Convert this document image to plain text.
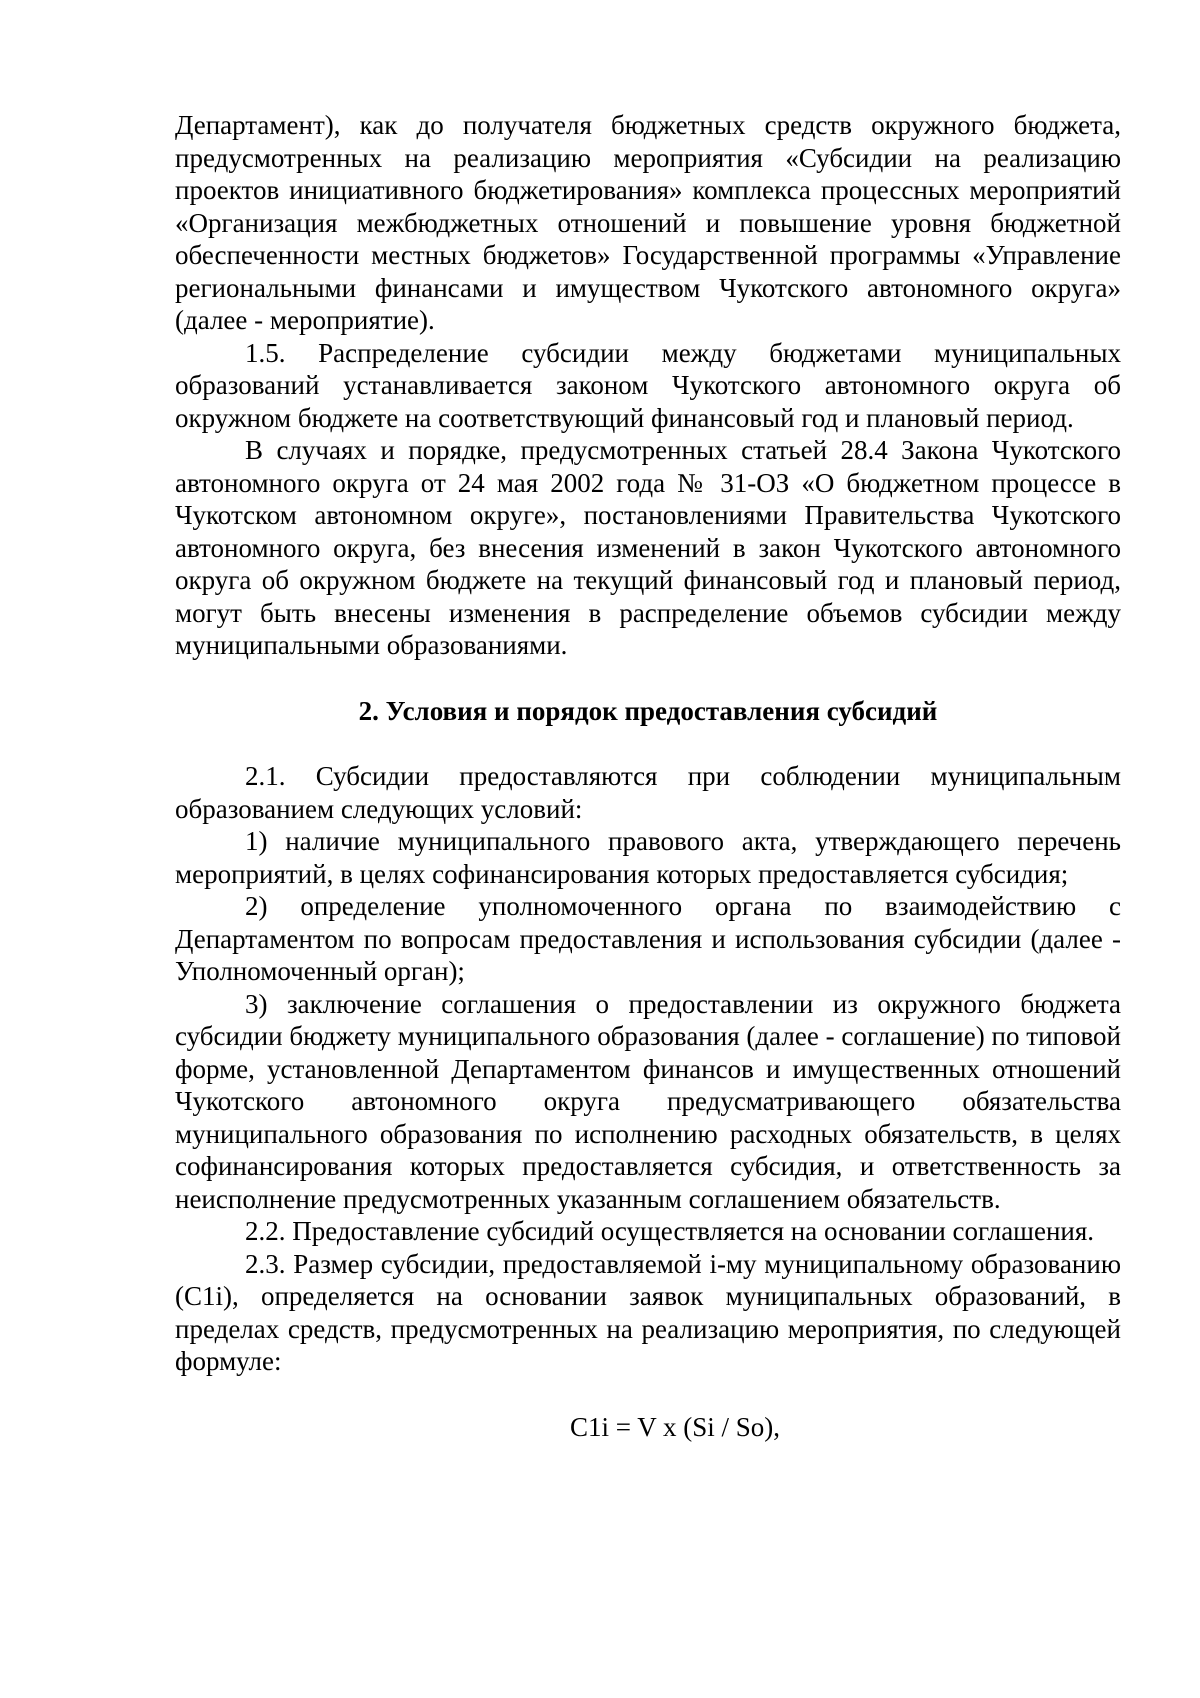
Департамент), как до получателя бюджетных средств окружного бюджета, предусмотренных на реализацию мероприятия «Субсидии на реализацию проектов инициативного бюджетирования» комплекса процессных мероприятий «Организация межбюджетных отношений и повышение уровня бюджетной обеспеченности местных бюджетов» Государственной программы «Управление региональными финансами и имуществом Чукотского автономного округа» (далее - мероприятие).

1.5. Распределение субсидии между бюджетами муниципальных образований устанавливается законом Чукотского автономного округа об окружном бюджете на соответствующий финансовый год и плановый период.

В случаях и порядке, предусмотренных статьей 28.4 Закона Чукотского автономного округа от 24 мая 2002 года № 31-ОЗ «О бюджетном процессе в Чукотском автономном округе», постановлениями Правительства Чукотского автономного округа, без внесения изменений в закон Чукотского автономного округа об окружном бюджете на текущий финансовый год и плановый период, могут быть внесены изменения в распределение объемов субсидии между муниципальными образованиями.

2. Условия и порядок предоставления субсидий

2.1. Субсидии предоставляются при соблюдении муниципальным образованием следующих условий:

1) наличие муниципального правового акта, утверждающего перечень мероприятий, в целях софинансирования которых предоставляется субсидия;

2) определение уполномоченного органа по взаимодействию с Департаментом по вопросам предоставления и использования субсидии (далее - Уполномоченный орган);

3) заключение соглашения о предоставлении из окружного бюджета субсидии бюджету муниципального образования (далее - соглашение) по типовой форме, установленной Департаментом финансов и имущественных отношений Чукотского автономного округа предусматривающего обязательства муниципального образования по исполнению расходных обязательств, в целях софинансирования которых предоставляется субсидия, и ответственность за неисполнение предусмотренных указанным соглашением обязательств.

2.2. Предоставление субсидий осуществляется на основании соглашения.

2.3. Размер субсидии, предоставляемой i-му муниципальному образованию (C1i), определяется на основании заявок муниципальных образований, в пределах средств, предусмотренных на реализацию мероприятия, по следующей формуле:

C1i = V x (Si / So),
